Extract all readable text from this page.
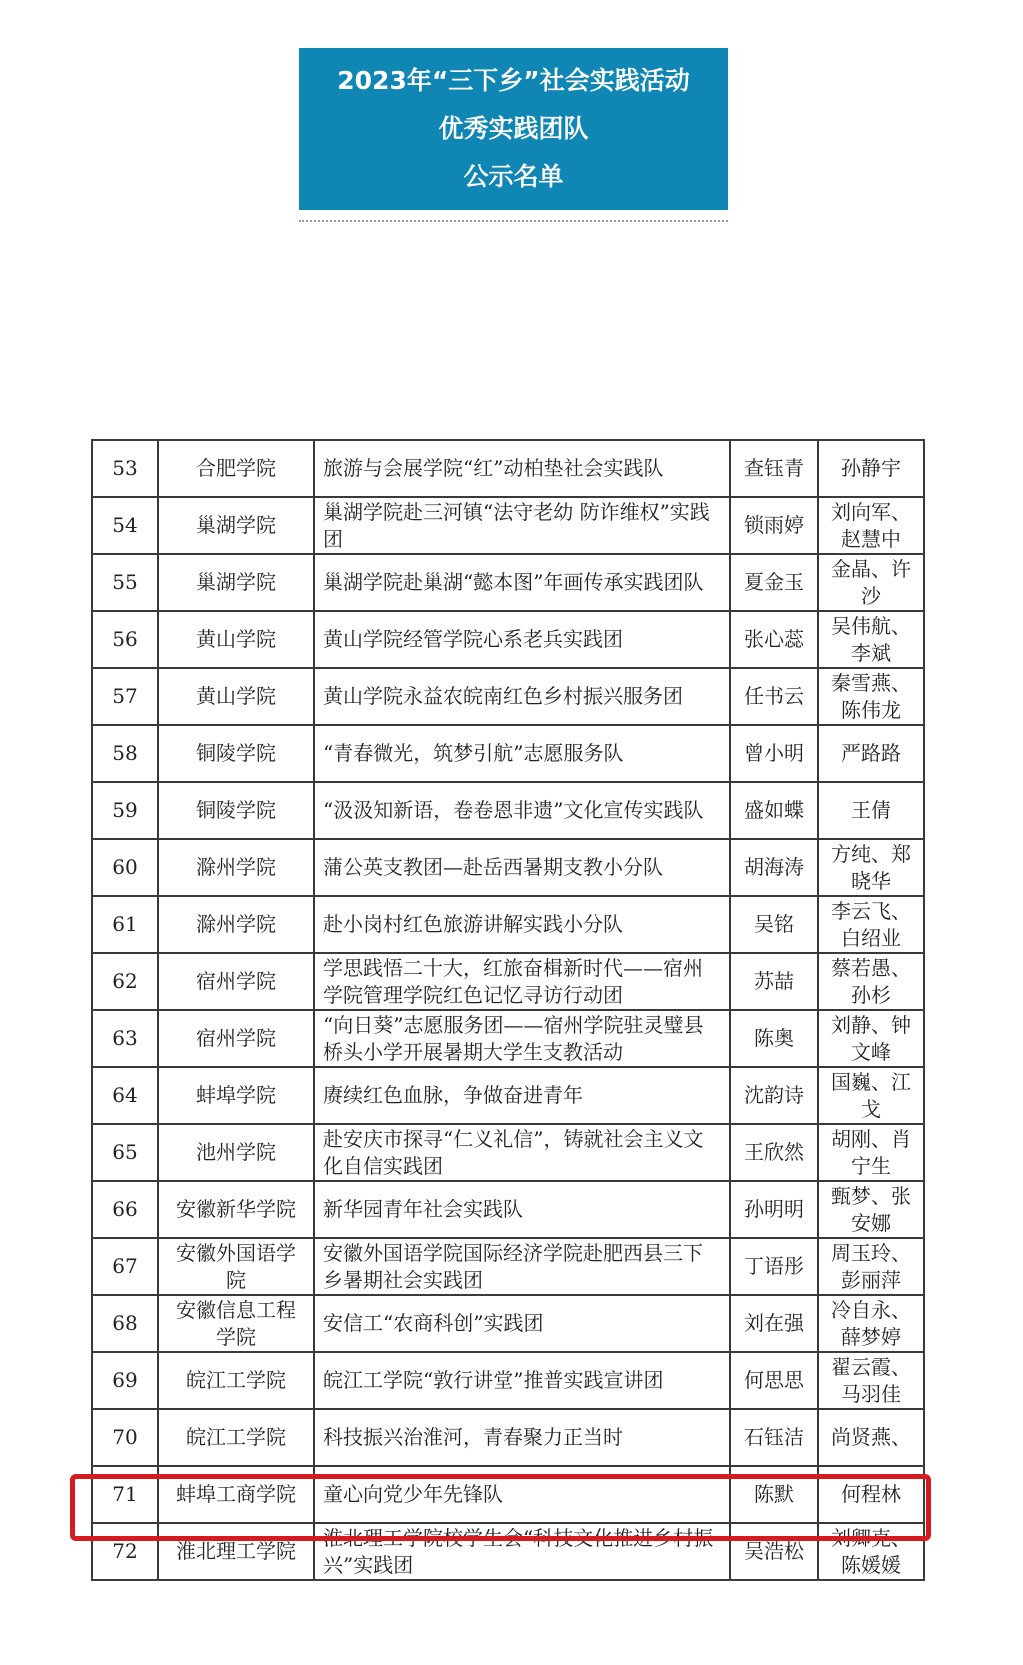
2023年“三下乡”社会实践活动
优秀实践团队
公示名单
53	合肥学院	旅游与会展学院“红”动柏垫社会实践队	查钰青	孙静宇
54	巢湖学院	巢湖学院赴三河镇“法守老幼 防诈维权”实践团	锁雨婷	刘向军、赵慧中
55	巢湖学院	巢湖学院赴巢湖“懿本图”年画传承实践团队	夏金玉	金晶、许沙
56	黄山学院	黄山学院经管学院心系老兵实践团	张心蕊	吴伟航、李斌
57	黄山学院	黄山学院永益农皖南红色乡村振兴服务团	任书云	秦雪燕、陈伟龙
58	铜陵学院	“青春微光，筑梦引航”志愿服务队	曾小明	严路路
59	铜陵学院	“汲汲知新语，卷卷恩非遗”文化宣传实践队	盛如蝶	王倩
60	滁州学院	蒲公英支教团—赴岳西暑期支教小分队	胡海涛	方纯、郑晓华
61	滁州学院	赴小岗村红色旅游讲解实践小分队	吴铭	李云飞、白绍业
62	宿州学院	学思践悟二十大，红旅奋楫新时代——宿州学院管理学院红色记忆寻访行动团	苏喆	蔡若愚、孙杉
63	宿州学院	“向日葵”志愿服务团——宿州学院驻灵璧县桥头小学开展暑期大学生支教活动	陈奥	刘静、钟文峰
64	蚌埠学院	赓续红色血脉，争做奋进青年	沈韵诗	国巍、江戈
65	池州学院	赴安庆市探寻“仁义礼信”，铸就社会主义文化自信实践团	王欣然	胡刚、肖宁生
66	安徽新华学院	新华园青年社会实践队	孙明明	甄梦、张安娜
67	安徽外国语学院	安徽外国语学院国际经济学院赴肥西县三下乡暑期社会实践团	丁语彤	周玉玲、彭丽萍
68	安徽信息工程学院	安信工“农商科创”实践团	刘在强	冷自永、薛梦婷
69	皖江工学院	皖江工学院“敦行讲堂”推普实践宣讲团	何思思	翟云霞、马羽佳
70	皖江工学院	科技振兴治淮河，青春聚力正当时	石钰洁	尚贤燕、
71	蚌埠工商学院	童心向党少年先锋队	陈默	何程林
72	淮北理工学院	淮北理工学院校学生会“科技文化推进乡村振兴”实践团	吴浩松	刘卿克、陈媛媛
